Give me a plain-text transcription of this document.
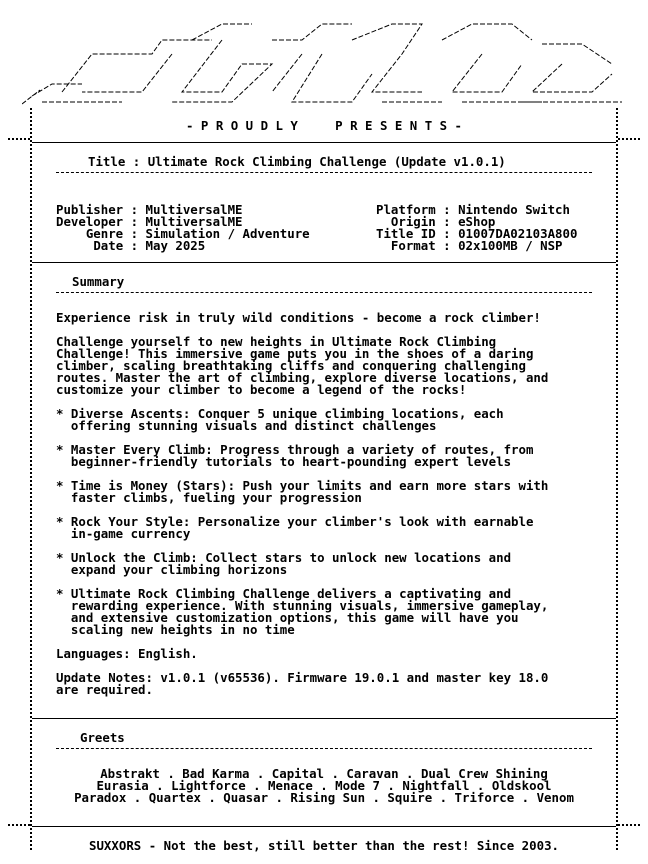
- P R O U D L Y     P R E S E N T S -
Title : Ultimate Rock Climbing Challenge (Update v1.0.1)

Publisher : MultiversalME
Developer : MultiversalME
Genre : Simulation / Adventure
Date : May 2025

Platform : Nintendo Switch
Origin : eShop
Title ID : 01007DA02103A800
Format : 02x100MB / NSP
Summary
Experience risk in truly wild conditions - become a rock climber!
Challenge yourself to new heights in Ultimate Rock Climbing
Challenge! This immersive game puts you in the shoes of a daring
climber, scaling breathtaking cliffs and conquering challenging
routes. Master the art of climbing, explore diverse locations, and
customize your climber to become a legend of the rocks!
* Diverse Ascents: Conquer 5 unique climbing locations, each
offering stunning visuals and distinct challenges
* Master Every Climb: Progress through a variety of routes, from
beginner-friendly tutorials to heart-pounding expert levels
* Time is Money (Stars): Push your limits and earn more stars with
faster climbs, fueling your progression
* Rock Your Style: Personalize your climber's look with earnable
in-game currency
* Unlock the Climb: Collect stars to unlock new locations and
expand your climbing horizons
* Ultimate Rock Climbing Challenge delivers a captivating and
rewarding experience. With stunning visuals, immersive gameplay,
and extensive customization options, this game will have you
scaling new heights in no time
Languages: English.
Update Notes: v1.0.1 (v65536). Firmware 19.0.1 and master key 18.0
are required.
Greets
Abstrakt . Bad Karma . Capital . Caravan . Dual Crew Shining
Eurasia . Lightforce . Menace . Mode 7 . Nightfall . Oldskool
Paradox . Quartex . Quasar . Rising Sun . Squire . Triforce . Venom
SUXXORS - Not the best, still better than the rest! Since 2003.
